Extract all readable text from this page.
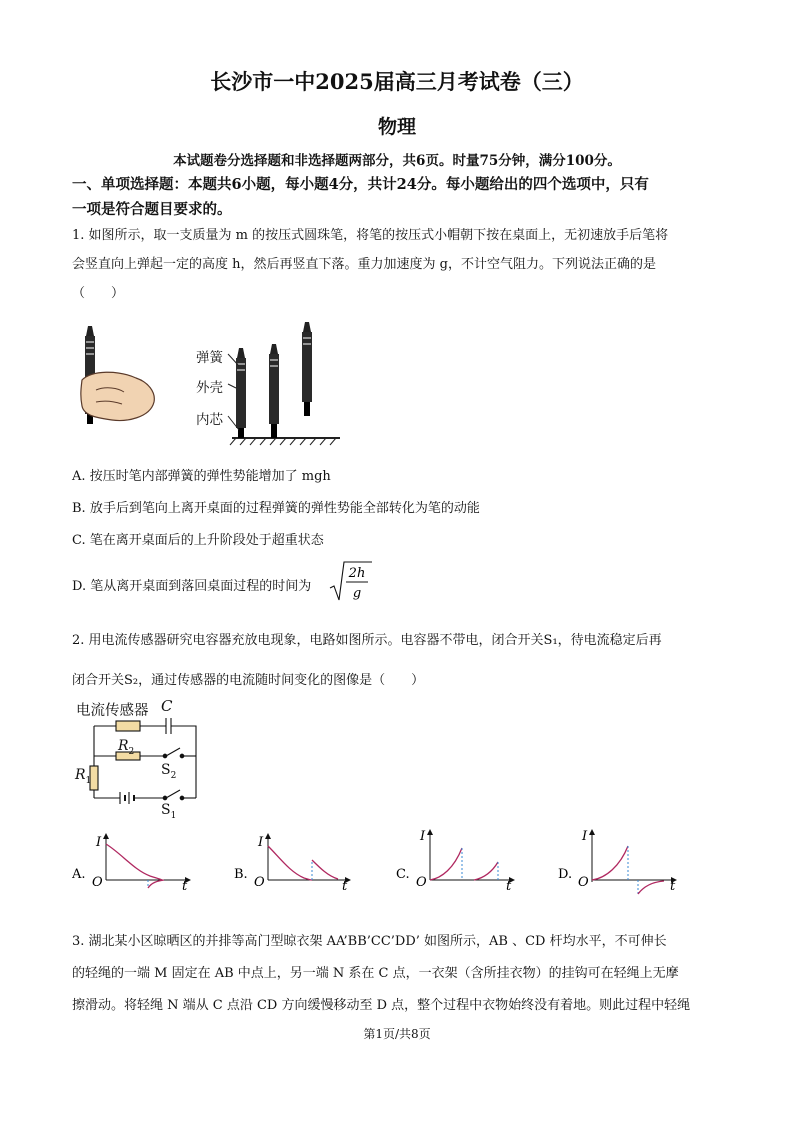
长沙市一中2025届高三月考试卷（三）
物理
本试题卷分选择题和非选择题两部分，共6页。时量75分钟，满分100分。
一、单项选择题：本题共6小题，每小题4分，共计24分。每小题给出的四个选项中，只有
一项是符合题目要求的。
1. 如图所示，取一支质量为 m 的按压式圆珠笔，将笔的按压式小帽朝下按在桌面上，无初速放手后笔将
会竖直向上弹起一定的高度 h，然后再竖直下落。重力加速度为 g，不计空气阻力。下列说法正确的是
（　　）
弹簧
外壳
内芯
A. 按压时笔内部弹簧的弹性势能增加了 mgh
B. 放手后到笔向上离开桌面的过程弹簧的弹性势能全部转化为笔的动能
C. 笔在离开桌面后的上升阶段处于超重状态
D. 笔从离开桌面到落回桌面过程的时间为
2h
g
2. 用电流传感器研究电容器充放电现象，电路如图所示。电容器不带电，闭合开关S₁，待电流稳定后再
闭合开关S₂，通过传感器的电流随时间变化的图像是（　　）
电流传感器 C
$R_2$
$R_1$
$S_2$
$S_1$
A.
I
O	t
B.
I
O	t
C.
I
O	t
D.
I
O	t
3. 湖北某小区晾晒区的并排等高门型晾衣架 AA’BB’CC’DD’ 如图所示，AB 、CD 杆均水平，不可伸长
的轻绳的一端 M 固定在 AB 中点上，另一端 N 系在 C 点，一衣架（含所挂衣物）的挂钩可在轻绳上无摩
擦滑动。将轻绳 N 端从 C 点沿 CD 方向缓慢移动至 D 点，整个过程中衣物始终没有着地。则此过程中轻绳
第1页/共8页
